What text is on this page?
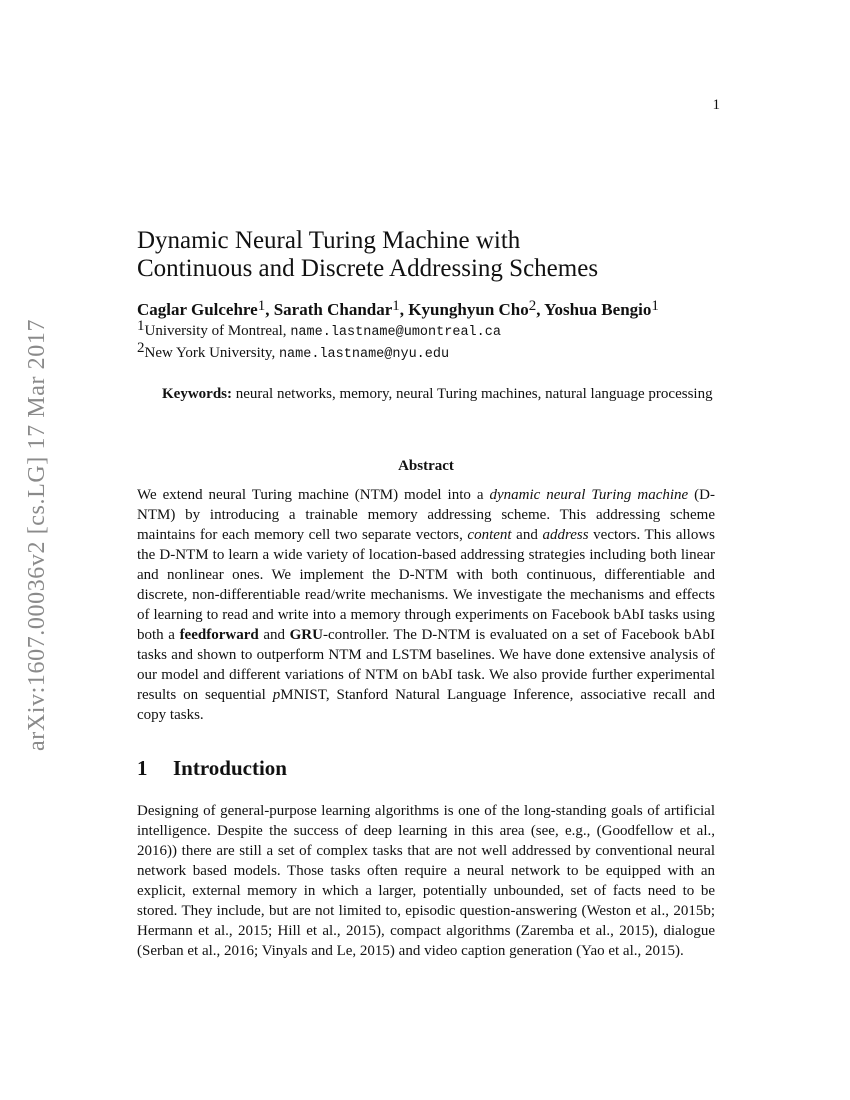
1
arXiv:1607.00036v2 [cs.LG] 17 Mar 2017
Dynamic Neural Turing Machine with
Continuous and Discrete Addressing Schemes
Caglar Gulcehre$^1$, Sarath Chandar$^1$, Kyunghyun Cho$^2$, Yoshua Bengio$^1$
$^1$University of Montreal, name.lastname@umontreal.ca
$^2$New York University, name.lastname@nyu.edu
Keywords: neural networks, memory, neural Turing machines, natural language processing
Abstract
We extend neural Turing machine (NTM) model into a dynamic neural Turing machine (D-NTM) by introducing a trainable memory addressing scheme. This addressing scheme maintains for each memory cell two separate vectors, content and address vectors. This allows the D-NTM to learn a wide variety of location-based addressing strategies including both linear and nonlinear ones. We implement the D-NTM with both continuous, differentiable and discrete, non-differentiable read/write mechanisms. We investigate the mechanisms and effects of learning to read and write into a memory through experiments on Facebook bAbI tasks using both a feedforward and GRU-controller. The D-NTM is evaluated on a set of Facebook bAbI tasks and shown to outperform NTM and LSTM baselines. We have done extensive analysis of our model and different variations of NTM on bAbI task. We also provide further experimental results on sequential pMNIST, Stanford Natural Language Inference, associative recall and copy tasks.
1 Introduction
Designing of general-purpose learning algorithms is one of the long-standing goals of artificial intelligence. Despite the success of deep learning in this area (see, e.g., (Goodfellow et al., 2016)) there are still a set of complex tasks that are not well addressed by conventional neural network based models. Those tasks often require a neural network to be equipped with an explicit, external memory in which a larger, potentially unbounded, set of facts need to be stored. They include, but are not limited to, episodic question-answering (Weston et al., 2015b; Hermann et al., 2015; Hill et al., 2015), compact algorithms (Zaremba et al., 2015), dialogue (Serban et al., 2016; Vinyals and Le, 2015) and video caption generation (Yao et al., 2015).
